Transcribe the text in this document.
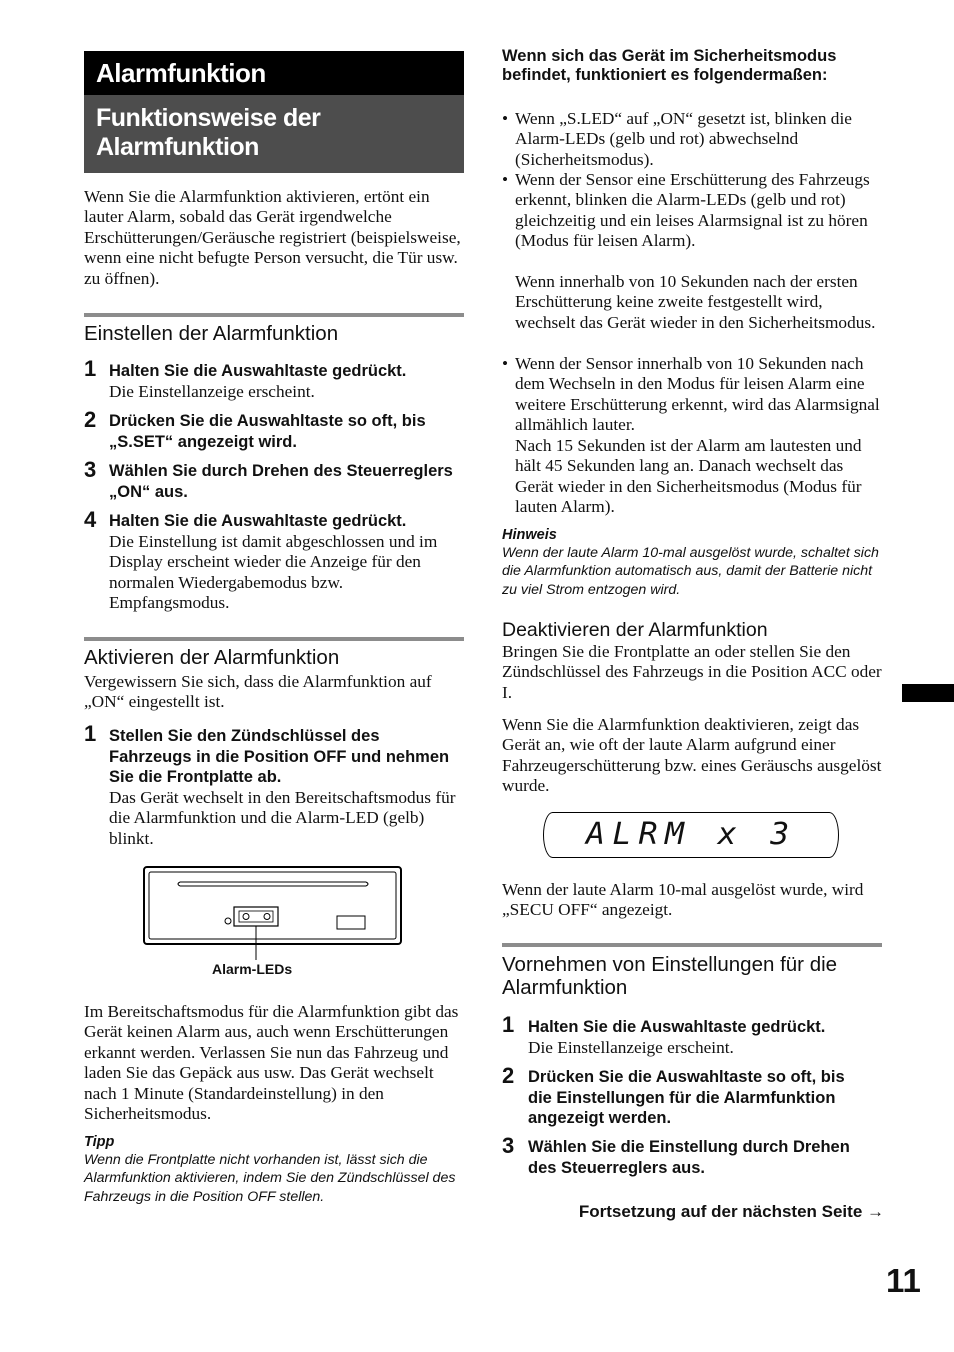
Alarmfunktion
Funktionsweise der Alarmfunktion
Wenn Sie die Alarmfunktion aktivieren, ertönt ein lauter Alarm, sobald das Gerät irgendwelche Erschütterungen/Geräusche registriert (beispielsweise, wenn eine nicht befugte Person versucht, die Tür usw. zu öffnen).
Einstellen der Alarmfunktion
1 Halten Sie die Auswahltaste gedrückt.
Die Einstellanzeige erscheint.
2 Drücken Sie die Auswahltaste so oft, bis „S.SET“ angezeigt wird.
3 Wählen Sie durch Drehen des Steuerreglers „ON“ aus.
4 Halten Sie die Auswahltaste gedrückt.
Die Einstellung ist damit abgeschlossen und im Display erscheint wieder die Anzeige für den normalen Wiedergabemodus bzw. Empfangsmodus.
Aktivieren der Alarmfunktion
Vergewissern Sie sich, dass die Alarmfunktion auf „ON“ eingestellt ist.
1 Stellen Sie den Zündschlüssel des Fahrzeugs in die Position OFF und nehmen Sie die Frontplatte ab.
Das Gerät wechselt in den Bereitschaftsmodus für die Alarmfunktion und die Alarm-LED (gelb) blinkt.
Alarm-LEDs
Im Bereitschaftsmodus für die Alarmfunktion gibt das Gerät keinen Alarm aus, auch wenn Erschütterungen erkannt werden. Verlassen Sie nun das Fahrzeug und laden Sie das Gepäck aus usw. Das Gerät wechselt nach 1 Minute (Standardeinstellung) in den Sicherheitsmodus.
Tipp
Wenn die Frontplatte nicht vorhanden ist, lässt sich die Alarmfunktion aktivieren, indem Sie den Zündschlüssel des Fahrzeugs in die Position OFF stellen.
Wenn sich das Gerät im Sicherheitsmodus befindet, funktioniert es folgendermaßen:
• Wenn „S.LED“ auf „ON“ gesetzt ist, blinken die Alarm-LEDs (gelb und rot) abwechselnd (Sicherheitsmodus).
• Wenn der Sensor eine Erschütterung des Fahrzeugs erkennt, blinken die Alarm-LEDs (gelb und rot) gleichzeitig und ein leises Alarmsignal ist zu hören (Modus für leisen Alarm).
Wenn innerhalb von 10 Sekunden nach der ersten Erschütterung keine zweite festgestellt wird, wechselt das Gerät wieder in den Sicherheitsmodus.
• Wenn der Sensor innerhalb von 10 Sekunden nach dem Wechseln in den Modus für leisen Alarm eine weitere Erschütterung erkennt, wird das Alarmsignal allmählich lauter.
Nach 15 Sekunden ist der Alarm am lautesten und hält 45 Sekunden lang an. Danach wechselt das Gerät wieder in den Sicherheitsmodus (Modus für lauten Alarm).
Hinweis
Wenn der laute Alarm 10-mal ausgelöst wurde, schaltet sich die Alarmfunktion automatisch aus, damit der Batterie nicht zu viel Strom entzogen wird.
Deaktivieren der Alarmfunktion
Bringen Sie die Frontplatte an oder stellen Sie den Zündschlüssel des Fahrzeugs in die Position ACC oder I.
Wenn Sie die Alarmfunktion deaktivieren, zeigt das Gerät an, wie oft der laute Alarm aufgrund einer Fahrzeugerschütterung bzw. eines Geräuschs ausgelöst wurde.
ALRM x 3
Wenn der laute Alarm 10-mal ausgelöst wurde, wird „SECU OFF“ angezeigt.
Vornehmen von Einstellungen für die Alarmfunktion
1 Halten Sie die Auswahltaste gedrückt.
Die Einstellanzeige erscheint.
2 Drücken Sie die Auswahltaste so oft, bis die Einstellungen für die Alarmfunktion angezeigt werden.
3 Wählen Sie die Einstellung durch Drehen des Steuerreglers aus.
Fortsetzung auf der nächsten Seite →
11
